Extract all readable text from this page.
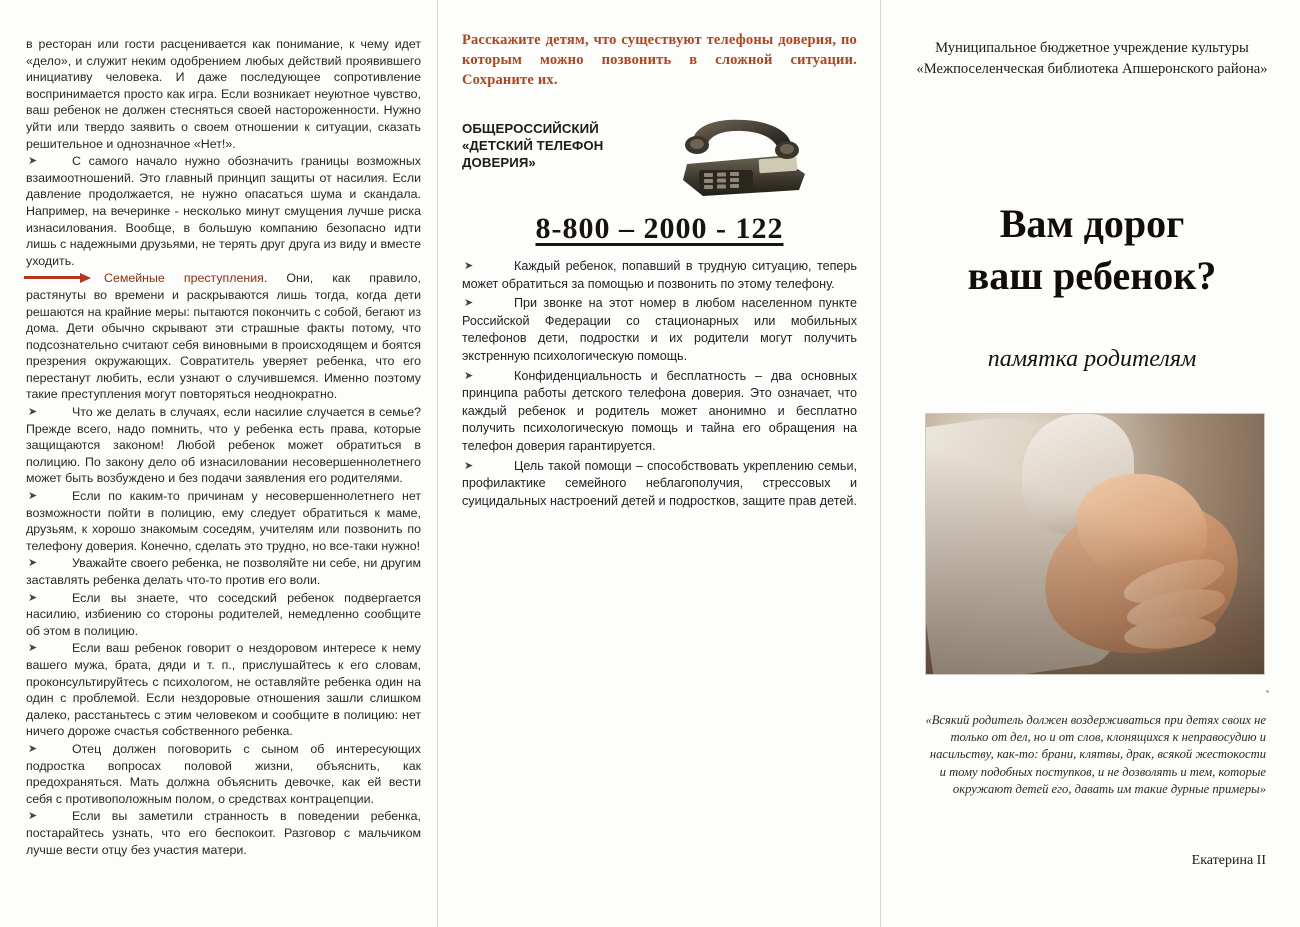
в ресторан или гости расценивается как понимание, к чему идет «дело», и служит неким одобрением любых действий проявившего инициативу человека. И даже последующее сопротивление воспринимается просто как игра. Если возникает неуютное чувство, ваш ребенок не должен стесняться своей настороженности. Нужно уйти или твердо заявить о своем отношении к ситуации, сказать решительное и однозначное «Нет!».

➤	С самого начало нужно обозначить границы возможных взаимоотношений. Это главный принцип защиты от насилия. Если давление продолжается, не нужно опасаться шума и скандала. Например, на вечеринке - несколько минут смущения лучше риска изнасилования. Вообще, в большую компанию безопасно идти лишь с надежными друзьями, не терять друг друга из виду и вместе уходить.

Семейные преступления. Они, как правило, растянуты во времени и раскрываются лишь тогда, когда дети решаются на крайние меры: пытаются покончить с собой, бегают из дома. Дети обычно скрывают эти страшные факты потому, что подсознательно считают себя виновными в происходящем и боятся презрения окружающих. Совратитель уверяет ребенка, что его перестанут любить, если узнают о случившемся. Именно поэтому такие преступления могут повторяться неоднократно.

➤	Что же делать в случаях, если насилие случается в семье? Прежде всего, надо помнить, что у ребенка есть права, которые защищаются законом! Любой ребенок может обратиться в полицию. По закону дело об изнасиловании несовершеннолетнего может быть возбуждено и без подачи заявления его родителями.

➤	Если по каким-то причинам у несовершеннолетнего нет возможности пойти в полицию, ему следует обратиться к маме, друзьям, к хорошо знакомым соседям, учителям или позвонить по телефону доверия. Конечно, сделать это трудно, но все-таки нужно!

➤	Уважайте своего ребенка, не позволяйте ни себе, ни другим заставлять ребенка делать что-то против его воли.

➤	Если вы знаете, что соседский ребенок подвергается насилию, избиению со стороны родителей, немедленно сообщите об этом в полицию.

➤	Если ваш ребенок говорит о нездоровом интересе к нему вашего мужа, брата, дяди и т. п., прислушайтесь к его словам, проконсультируйтесь с психологом, не оставляйте ребенка один на один с проблемой. Если нездоровые отношения зашли слишком далеко, расстаньтесь с этим человеком и сообщите в полицию: нет ничего дороже счастья собственного ребенка.

➤	Отец должен поговорить с сыном об интересующих подростка вопросах половой жизни, объяснить, как предохраняться. Мать должна объяснить девочке, как ей вести себя с противоположным полом, о средствах контрацепции.

➤	Если вы заметили странность в поведении ребенка, постарайтесь узнать, что его беспокоит. Разговор с мальчиком лучше вести отцу без участия матери.

Расскажите детям, что существуют телефоны доверия, по которым можно позвонить в сложной ситуации. Сохраните их.
ОБЩЕРОССИЙСКИЙ «ДЕТСКИЙ ТЕЛЕФОН ДОВЕРИЯ»
8-800 – 2000 - 122

➤	Каждый ребенок, попавший в трудную ситуацию, теперь может обратиться за помощью и позвонить по этому телефону.

➤	При звонке на этот номер в любом населенном пункте Российской Федерации со стационарных или мобильных телефонов дети, подростки и их родители могут получить экстренную психологическую помощь.

➤	Конфиденциальность и бесплатность – два основных принципа работы детского телефона доверия. Это означает, что каждый ребенок и родитель может анонимно и бесплатно получить психологическую помощь и тайна его обращения на телефон доверия гарантируется.

➤	Цель такой помощи – способствовать укреплению семьи, профилактике семейного неблагополучия, стрессовых и суицидальных настроений детей и подростков, защите прав детей.

Муниципальное бюджетное учреждение культуры
«Межпоселенческая библиотека Апшеронского района»
Вам дорог
ваш ребенок?
памятка родителям
«Всякий родитель должен воздерживаться при детях своих не только от дел, но и от слов, клонящихся к неправосудию и насильству, как-то: брани, клятвы, драк, всякой жестокости и тому подобных поступков, и не дозволять и тем, которые окружают детей его, давать им такие дурные примеры»
Екатерина II
